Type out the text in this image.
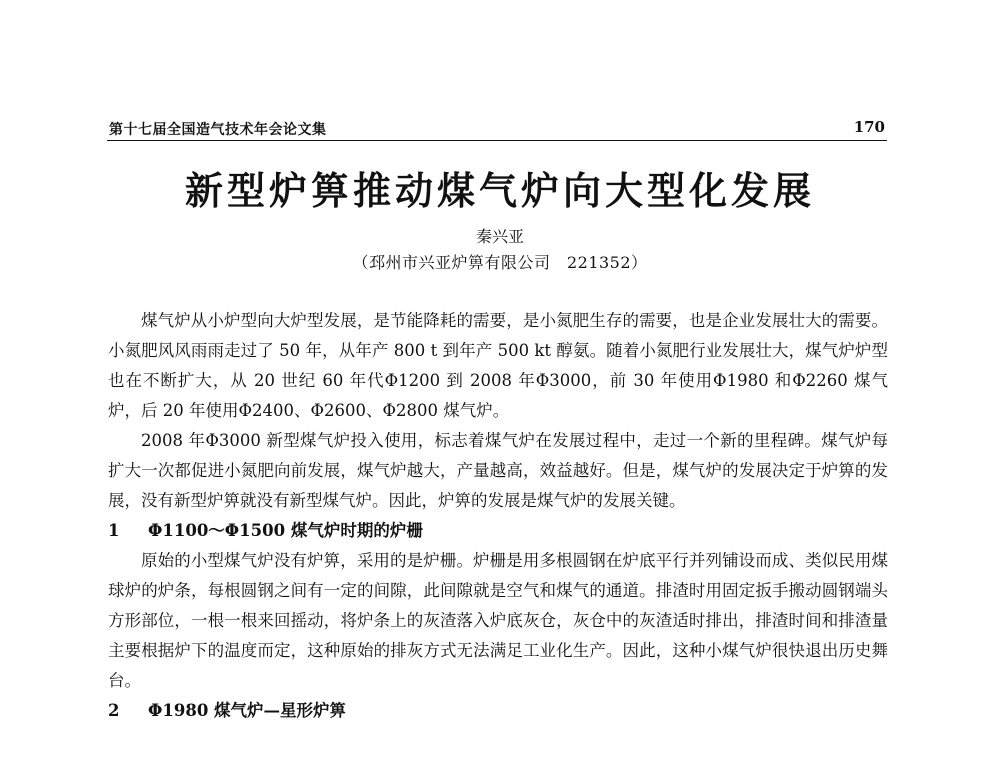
第十七届全国造气技术年会论文集	170
新型炉箅推动煤气炉向大型化发展
秦兴亚
（邳州市兴亚炉箅有限公司　221352）

煤气炉从小炉型向大炉型发展，是节能降耗的需要，是小氮肥生存的需要，也是企业发展壮大的需要。小氮肥风风雨雨走过了 50 年，从年产 800 t 到年产 500 kt 醇氨。随着小氮肥行业发展壮大，煤气炉炉型也在不断扩大，从 20 世纪 60 年代Φ1200 到 2008 年Φ3000，前 30 年使用Φ1980 和Φ2260 煤气炉，后 20 年使用Φ2400、Φ2600、Φ2800 煤气炉。

2008 年Φ3000 新型煤气炉投入使用，标志着煤气炉在发展过程中，走过一个新的里程碑。煤气炉每扩大一次都促进小氮肥向前发展，煤气炉越大，产量越高，效益越好。但是，煤气炉的发展决定于炉箅的发展，没有新型炉箅就没有新型煤气炉。因此，炉箅的发展是煤气炉的发展关键。

1 Φ1100～Φ1500 煤气炉时期的炉栅

原始的小型煤气炉没有炉箅，采用的是炉栅。炉栅是用多根圆钢在炉底平行并列铺设而成、类似民用煤球炉的炉条，每根圆钢之间有一定的间隙，此间隙就是空气和煤气的通道。排渣时用固定扳手搬动圆钢端头方形部位，一根一根来回摇动，将炉条上的灰渣落入炉底灰仓，灰仓中的灰渣适时排出，排渣时间和排渣量主要根据炉下的温度而定，这种原始的排灰方式无法满足工业化生产。因此，这种小煤气炉很快退出历史舞台。

2 Φ1980 煤气炉—星形炉箅
